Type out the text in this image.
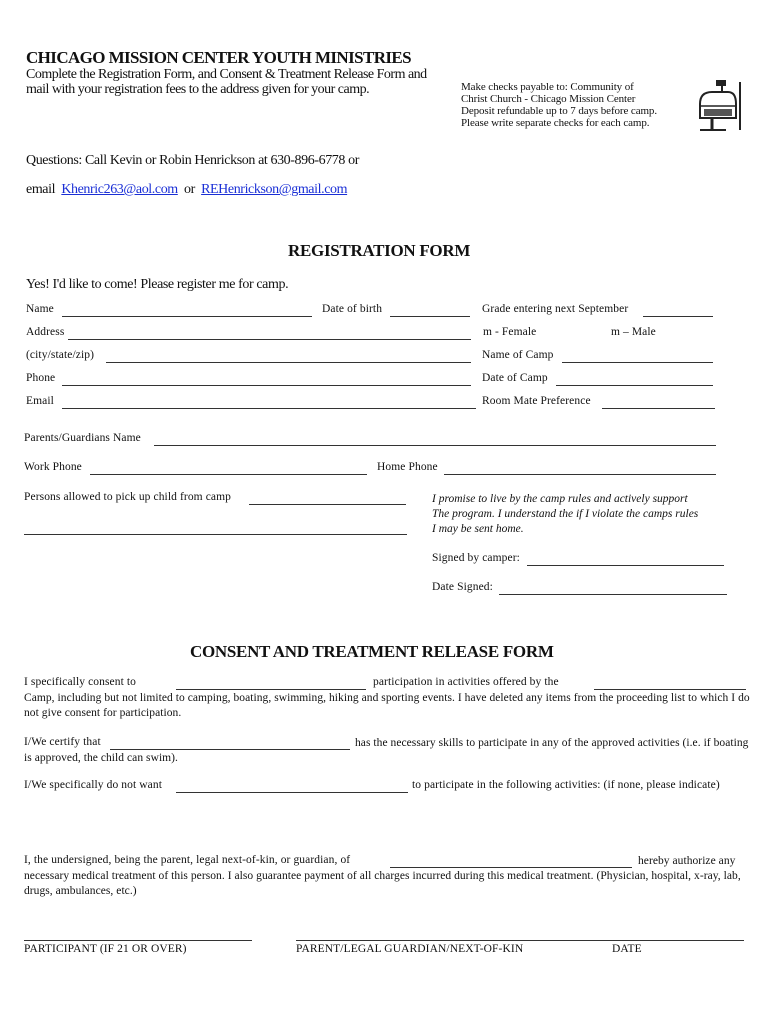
CHICAGO MISSION CENTER YOUTH MINISTRIES
Complete the Registration Form, and Consent & Treatment Release Form and
mail with your registration fees to the address given for your camp.	Make checks payable to: Community of
Christ Church - Chicago Mission Center
Deposit refundable up to 7 days before camp.
Please write separate checks for each camp.
Questions: Call Kevin or Robin Henrickson at 630-896-6778 or
email Khenric263@aol.com or REHenrickson@gmail.com
REGISTRATION FORM
Yes! I'd like to come! Please register me for camp.
Name	Date of birth	Grade entering next September
Address	m - Female	m – Male
(city/state/zip)	Name of Camp
Phone	Date of Camp
Email	Room Mate Preference
Parents/Guardians Name
Work Phone	Home Phone
Persons allowed to pick up child from camp	I promise to live by the camp rules and actively support
The program. I understand the if I violate the camps rules
I may be sent home.
Signed by camper:
Date Signed:
CONSENT AND TREATMENT RELEASE FORM
I specifically consent to	participation in activities offered by the
Camp, including but not limited to camping, boating, swimming, hiking and sporting events. I have deleted any items from the proceeding list to which I do not give consent for participation.
I/We certify that	has the necessary skills to participate in any of the approved activities (i.e. if boating is approved, the child can swim).
I/We specifically do not want	to participate in the following activities: (if none, please indicate)
I, the undersigned, being the parent, legal next-of-kin, or guardian, of	hereby authorize any necessary medical treatment of this person. I also guarantee payment of all charges incurred during this medical treatment. (Physician, hospital, x-ray, lab, drugs, ambulances, etc.)
PARTICIPANT (IF 21 OR OVER)	PARENT/LEGAL GUARDIAN/NEXT-OF-KIN	DATE
